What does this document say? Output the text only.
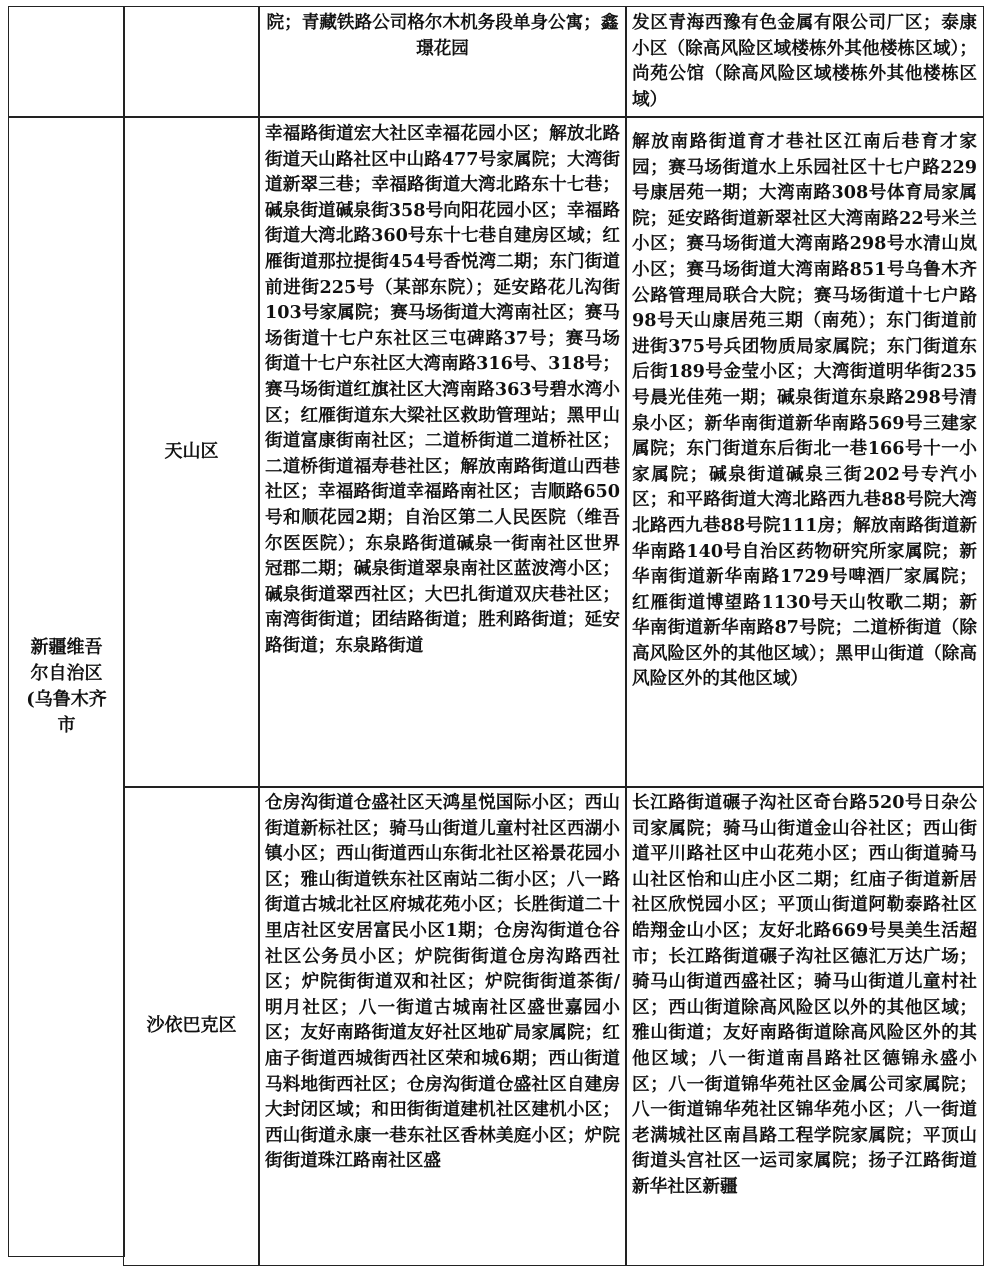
院；青藏铁路公司格尔木机务段单身公寓；鑫璟花园
发区青海西豫有色金属有限公司厂区；泰康小区（除高风险区域楼栋外其他楼栋区域）；尚苑公馆（除高风险区域楼栋外其他楼栋区域）
新疆维吾尔自治区(乌鲁木齐市
天山区
幸福路街道宏大社区幸福花园小区；解放北路街道天山路社区中山路477号家属院；大湾街道新翠三巷；幸福路街道大湾北路东十七巷；碱泉街道碱泉街358号向阳花园小区；幸福路街道大湾北路360号东十七巷自建房区域；红雁街道那拉提街454号香悦湾二期；东门街道前进街225号（某部东院）；延安路花儿沟街103号家属院；赛马场街道大湾南社区；赛马场街道十七户东社区三屯碑路37号；赛马场街道十七户东社区大湾南路316号、318号；赛马场街道红旗社区大湾南路363号碧水湾小区；红雁街道东大梁社区救助管理站；黑甲山街道富康街南社区；二道桥街道二道桥社区；二道桥街道福寿巷社区；解放南路街道山西巷社区；幸福路街道幸福路南社区；吉顺路650号和顺花园2期；自治区第二人民医院（维吾尔医医院）；东泉路街道碱泉一街南社区世界冠郡二期；碱泉街道翠泉南社区蓝波湾小区；碱泉街道翠西社区；大巴扎街道双庆巷社区；南湾街街道；团结路街道；胜利路街道；延安路街道；东泉路街道
解放南路街道育才巷社区江南后巷育才家园；赛马场街道水上乐园社区十七户路229号康居苑一期；大湾南路308号体育局家属院；延安路街道新翠社区大湾南路22号米兰小区；赛马场街道大湾南路298号水清山岚小区；赛马场街道大湾南路851号乌鲁木齐公路管理局联合大院；赛马场街道十七户路98号天山康居苑三期（南苑）；东门街道前进街375号兵团物质局家属院；东门街道东后街189号金莹小区；大湾街道明华街235号晨光佳苑一期；碱泉街道东泉路298号清泉小区；新华南街道新华南路569号三建家属院；东门街道东后街北一巷166号十一小家属院；碱泉街道碱泉三街202号专汽小区；和平路街道大湾北路西九巷88号院大湾北路西九巷88号院111房；解放南路街道新华南路140号自治区药物研究所家属院；新华南街道新华南路1729号啤酒厂家属院；红雁街道博望路1130号天山牧歌二期；新华南街道新华南路87号院；二道桥街道（除高风险区外的其他区域）；黑甲山街道（除高风险区外的其他区域）
沙依巴克区
仓房沟街道仓盛社区天鸿星悦国际小区；西山街道新标社区；骑马山街道儿童村社区西湖小镇小区；西山街道西山东街北社区裕景花园小区；雅山街道铁东社区南站二街小区；八一路街道古城北社区府城花苑小区；长胜街道二十里店社区安居富民小区1期；仓房沟街道仓谷社区公务员小区；炉院街街道仓房沟路西社区；炉院街街道双和社区；炉院街街道茶街/明月社区；八一街道古城南社区盛世嘉园小区；友好南路街道友好社区地矿局家属院；红庙子街道西城街西社区荣和城6期；西山街道马料地街西社区；仓房沟街道仓盛社区自建房大封闭区域；和田街街道建机社区建机小区；西山街道永康一巷东社区香林美庭小区；炉院街街道珠江路南社区盛
长江路街道碾子沟社区奇台路520号日杂公司家属院；骑马山街道金山谷社区；西山街道平川路社区中山花苑小区；西山街道骑马山社区怡和山庄小区二期；红庙子街道新居社区欣悦园小区；平顶山街道阿勒泰路社区皓翔金山小区；友好北路669号昊美生活超市；长江路街道碾子沟社区德汇万达广场；骑马山街道西盛社区；骑马山街道儿童村社区；西山街道除高风险区以外的其他区域；雅山街道；友好南路街道除高风险区外的其他区域；八一街道南昌路社区德锦永盛小区；八一街道锦华苑社区金属公司家属院；八一街道锦华苑社区锦华苑小区；八一街道老满城社区南昌路工程学院家属院；平顶山街道头宫社区一运司家属院；扬子江路街道新华社区新疆
